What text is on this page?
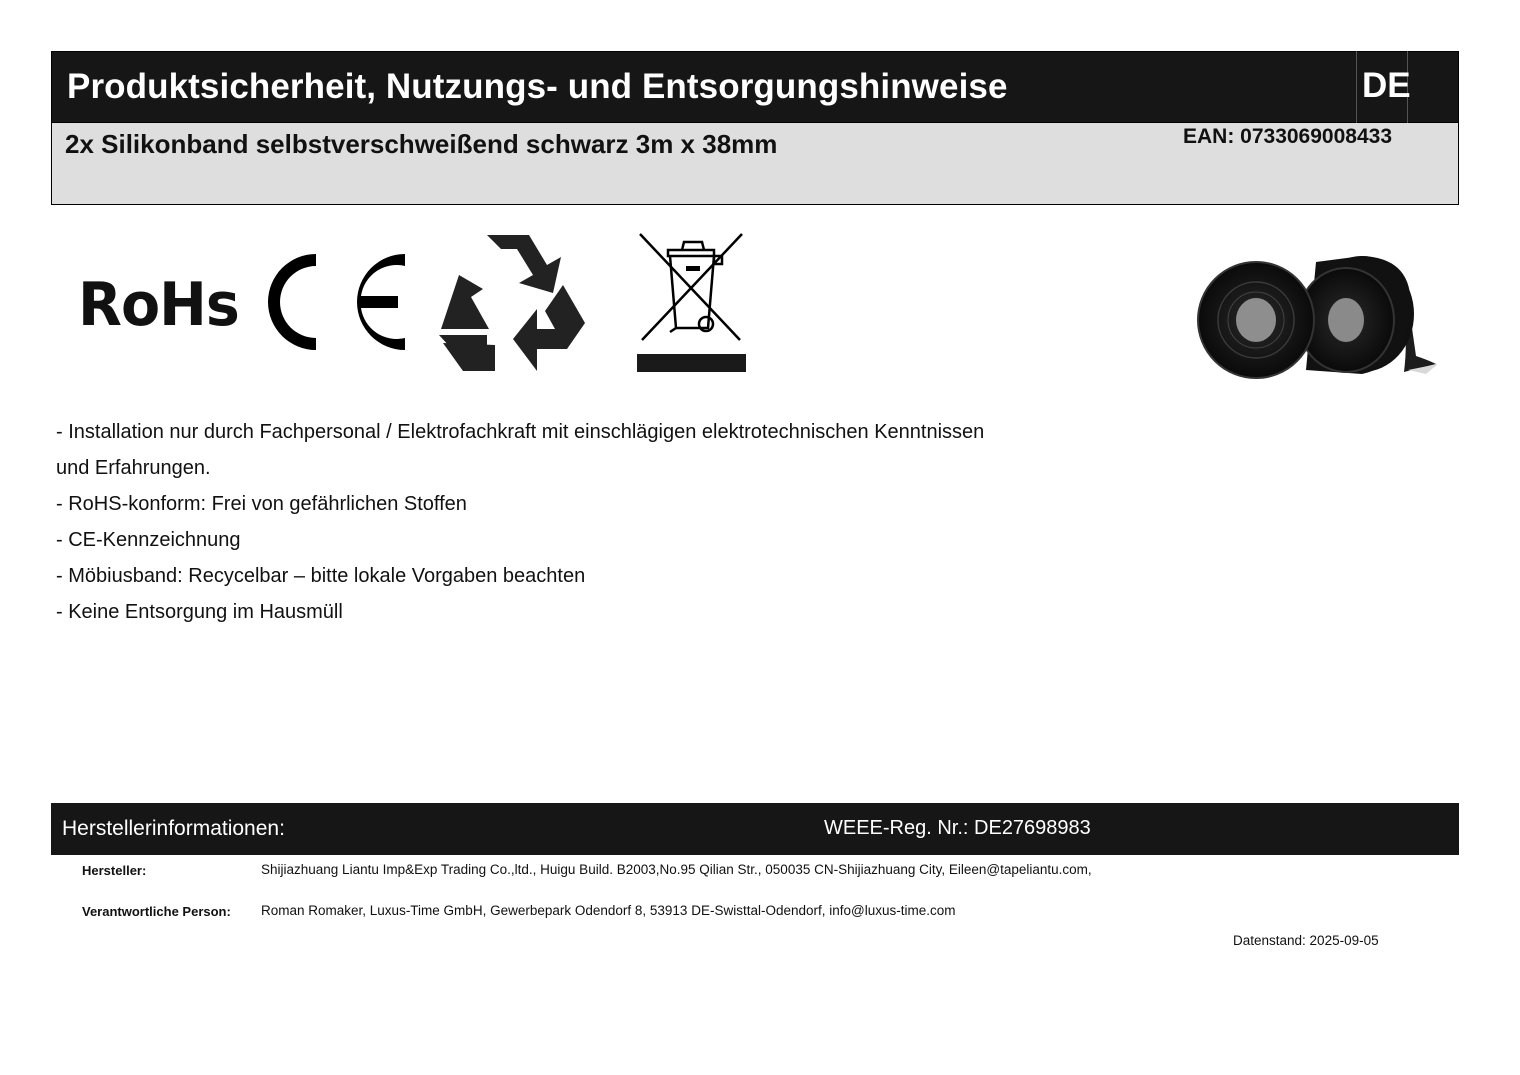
Produktsicherheit, Nutzungs- und Entsorgungshinweise	DE
2x Silikonband selbstverschweißend schwarz 3m x 38mm	EAN: 0733069008433
RoHs
- Installation nur durch Fachpersonal / Elektrofachkraft mit einschlägigen elektrotechnischen Kenntnissen
und Erfahrungen.
- RoHS-konform: Frei von gefährlichen Stoffen
- CE-Kennzeichnung
- Möbiusband: Recycelbar – bitte lokale Vorgaben beachten
- Keine Entsorgung im Hausmüll
Herstellerinformationen:	WEEE-Reg. Nr.: DE27698983
Hersteller:	Shijiazhuang Liantu Imp&Exp Trading Co.,ltd., Huigu Build. B2003,No.95 Qilian Str., 050035 CN-Shijiazhuang City, Eileen@tapeliantu.com,
Verantwortliche Person: Roman Romaker, Luxus-Time GmbH, Gewerbepark Odendorf 8, 53913 DE-Swisttal-Odendorf, info@luxus-time.com
Datenstand: 2025-09-05
